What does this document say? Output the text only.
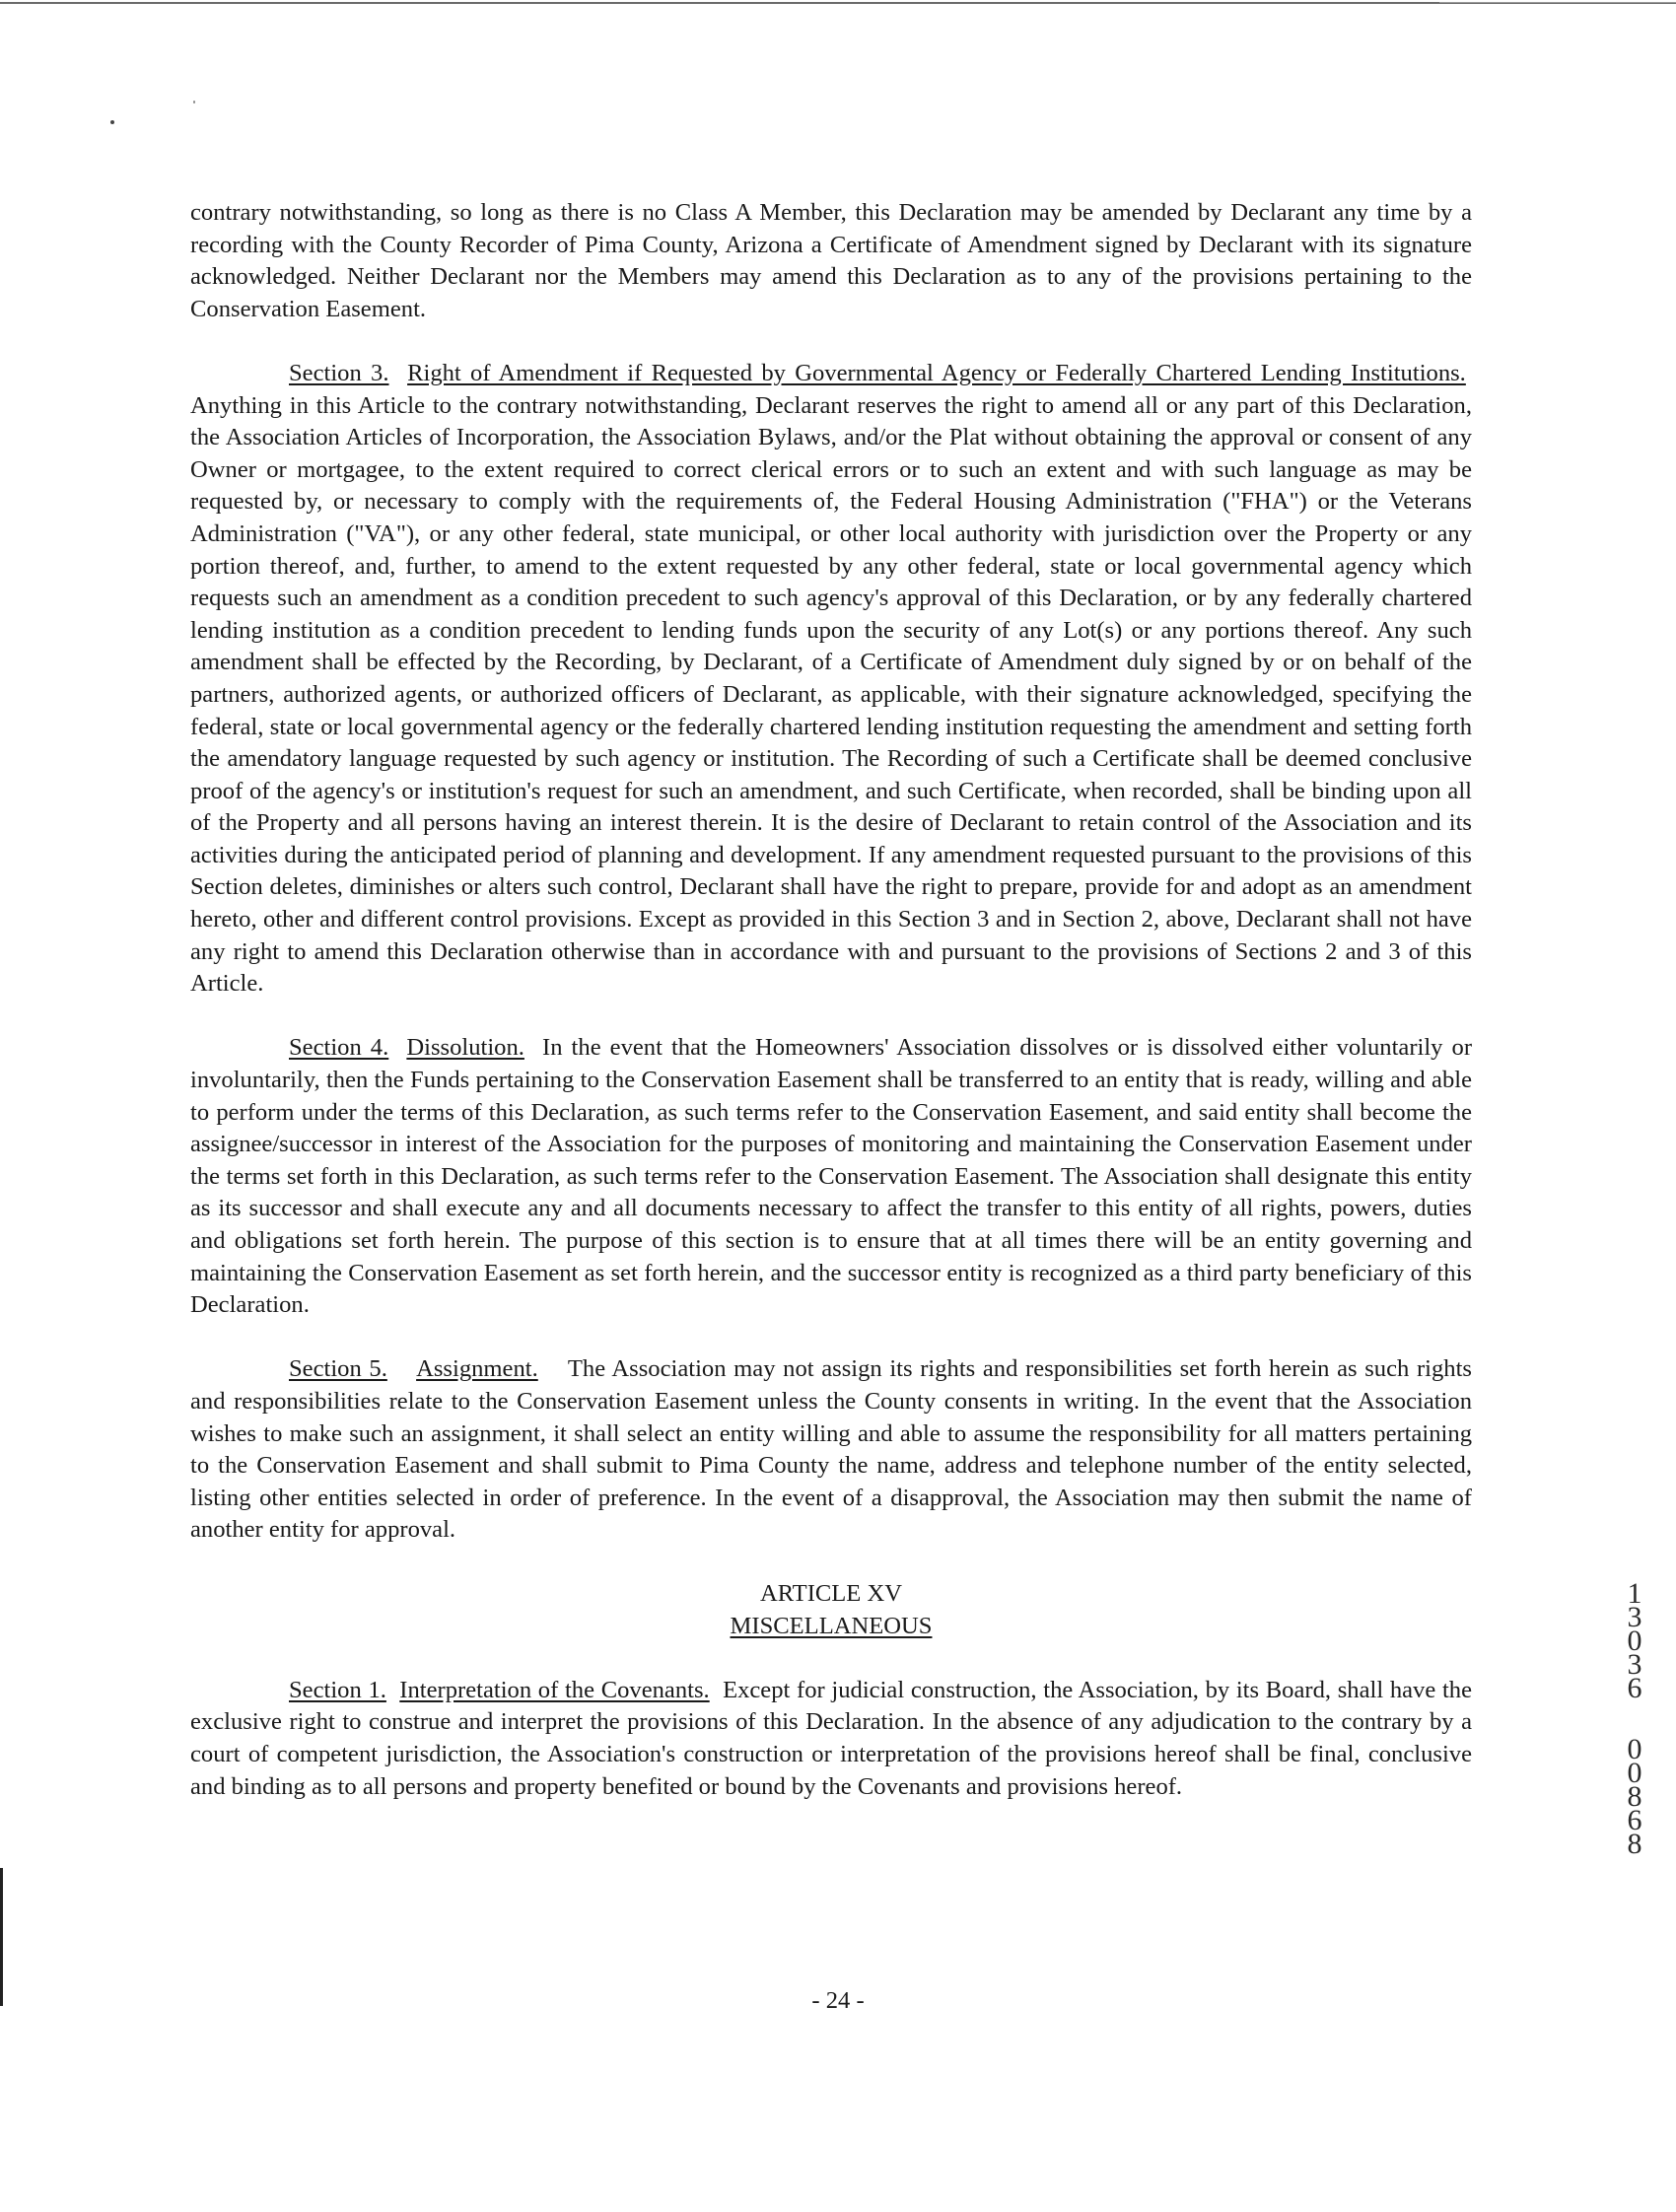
contrary notwithstanding, so long as there is no Class A Member, this Declaration may be amended by Declarant any time by a recording with the County Recorder of Pima County, Arizona a Certificate of Amendment signed by Declarant with its signature acknowledged. Neither Declarant nor the Members may amend this Declaration as to any of the provisions pertaining to the Conservation Easement.

Section 3. Right of Amendment if Requested by Governmental Agency or Federally Chartered Lending Institutions.  Anything in this Article to the contrary notwithstanding, Declarant reserves the right to amend all or any part of this Declaration, the Association Articles of Incorporation, the Association Bylaws, and/or the Plat without obtaining the approval or consent of any Owner or mortgagee, to the extent required to correct clerical errors or to such an extent and with such language as may be requested by, or necessary to comply with the requirements of, the Federal Housing Administration ("FHA") or the Veterans Administration ("VA"), or any other federal, state municipal, or other local authority with jurisdiction over the Property or any portion thereof, and, further, to amend to the extent requested by any other federal, state or local governmental agency which requests such an amendment as a condition precedent to such agency's approval of this Declaration, or by any federally chartered lending institution as a condition precedent to lending funds upon the security of any Lot(s) or any portions thereof. Any such amendment shall be effected by the Recording, by Declarant, of a Certificate of Amendment duly signed by or on behalf of the partners, authorized agents, or authorized officers of Declarant, as applicable, with their signature acknowledged, specifying the federal, state or local governmental agency or the federally chartered lending institution requesting the amendment and setting forth the amendatory language requested by such agency or institution. The Recording of such a Certificate shall be deemed conclusive proof of the agency's or institution's request for such an amendment, and such Certificate, when recorded, shall be binding upon all of the Property and all persons having an interest therein. It is the desire of Declarant to retain control of the Association and its activities during the anticipated period of planning and development. If any amendment requested pursuant to the provisions of this Section deletes, diminishes or alters such control, Declarant shall have the right to prepare, provide for and adopt as an amendment hereto, other and different control provisions. Except as provided in this Section 3 and in Section 2, above, Declarant shall not have any right to amend this Declaration otherwise than in accordance with and pursuant to the provisions of Sections 2 and 3 of this Article.

Section 4. Dissolution. In the event that the Homeowners' Association dissolves or is dissolved either voluntarily or involuntarily, then the Funds pertaining to the Conservation Easement shall be transferred to an entity that is ready, willing and able to perform under the terms of this Declaration, as such terms refer to the Conservation Easement, and said entity shall become the assignee/successor in interest of the Association for the purposes of monitoring and maintaining the Conservation Easement under the terms set forth in this Declaration, as such terms refer to the Conservation Easement. The Association shall designate this entity as its successor and shall execute any and all documents necessary to affect the transfer to this entity of all rights, powers, duties and obligations set forth herein. The purpose of this section is to ensure that at all times there will be an entity governing and maintaining the Conservation Easement as set forth herein, and the successor entity is recognized as a third party beneficiary of this Declaration.

Section 5. Assignment. The Association may not assign its rights and responsibilities set forth herein as such rights and responsibilities relate to the Conservation Easement unless the County consents in writing. In the event that the Association wishes to make such an assignment, it shall select an entity willing and able to assume the responsibility for all matters pertaining to the Conservation Easement and shall submit to Pima County the name, address and telephone number of the entity selected, listing other entities selected in order of preference. In the event of a disapproval, the Association may then submit the name of another entity for approval.

ARTICLE XV
MISCELLANEOUS

Section 1. Interpretation of the Covenants. Except for judicial construction, the Association, by its Board, shall have the exclusive right to construe and interpret the provisions of this Declaration. In the absence of any adjudication to the contrary by a court of competent jurisdiction, the Association's construction or interpretation of the provisions hereof shall be final, conclusive and binding as to all persons and property benefited or bound by the Covenants and provisions hereof.

1
3
0
3
6
0
0
8
6
8
- 24 -
